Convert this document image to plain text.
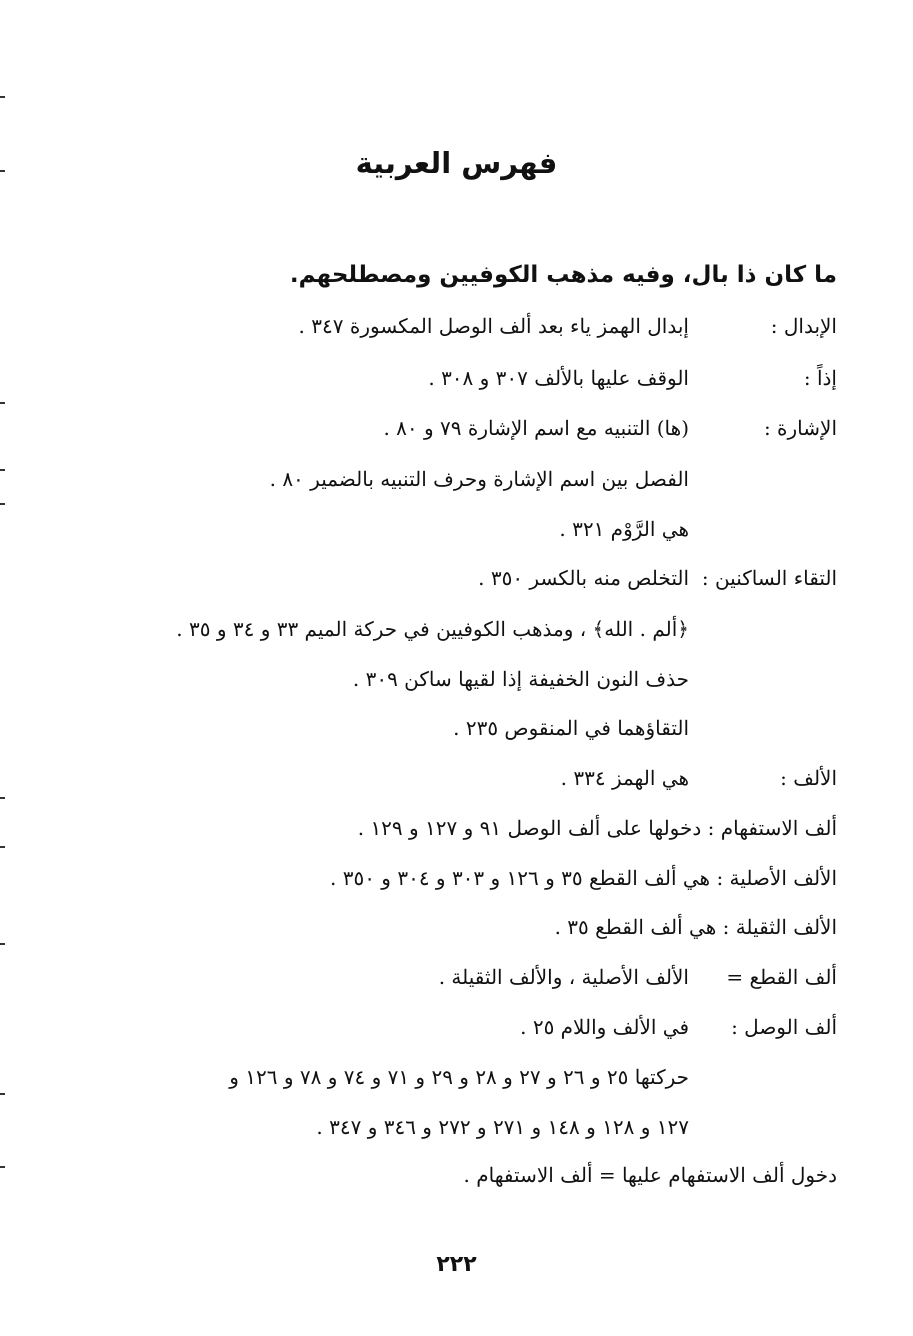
فهرس العربية
ما كان ذا بال، وفيه مذهب الكوفيين ومصطلحهم.
الإبدال :
إبدال الهمز ياء بعد ألف الوصل المكسورة ٣٤٧ .
إذاً :
الوقف عليها بالألف ٣٠٧ و ٣٠٨ .
الإشارة :
(ها) التنبيه مع اسم الإشارة ٧٩ و ٨٠ .
الفصل بين اسم الإشارة وحرف التنبيه بالضمير ٨٠ .
هي الرَّوْم ٣٢١ .
التقاء الساكنين :
التخلص منه بالكسر ٣٥٠ .
﴿ألم . الله﴾ ، ومذهب الكوفيين في حركة الميم ٣٣ و ٣٤ و ٣٥ .
حذف النون الخفيفة إذا لقيها ساكن ٣٠٩ .
التقاؤهما في المنقوص ٢٣٥ .
الألف :
هي الهمز ٣٣٤ .
ألف الاستفهام : دخولها على ألف الوصل ٩١ و ١٢٧ و ١٢٩ .
الألف الأصلية : هي ألف القطع ٣٥ و ١٢٦ و ٣٠٣ و ٣٠٤ و ٣٥٠ .
الألف الثقيلة : هي ألف القطع ٣٥ .
ألف القطع =
الألف الأصلية ، والألف الثقيلة .
ألف الوصل :
في الألف واللام ٢٥ .
حركتها ٢٥ و ٢٦ و ٢٧ و ٢٨ و ٢٩ و ٧١ و ٧٤ و ٧٨ و ١٢٦ و
١٢٧ و ١٢٨ و ١٤٨ و ٢٧١ و ٢٧٢ و ٣٤٦ و ٣٤٧ .
دخول ألف الاستفهام عليها = ألف الاستفهام .
٢٢٢
